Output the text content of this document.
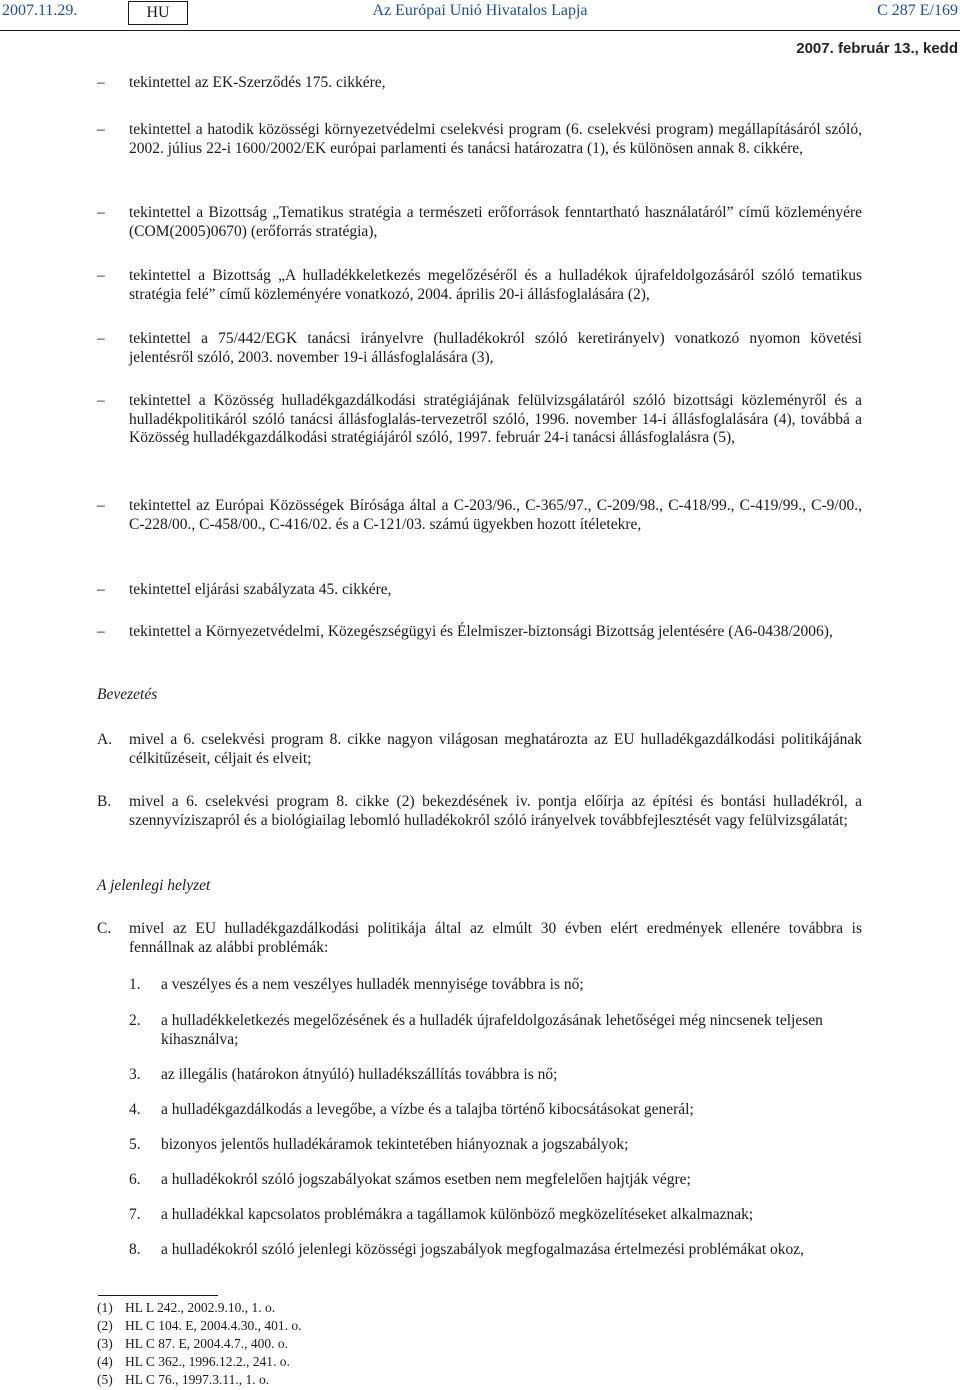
2007.11.29.	HU	Az Európai Unió Hivatalos Lapja	C 287 E/169
2007. február 13., kedd
– tekintettel az EK-Szerződés 175. cikkére,
– tekintettel a hatodik közösségi környezetvédelmi cselekvési program (6. cselekvési program) megállapításáról szóló, 2002. július 22-i 1600/2002/EK európai parlamenti és tanácsi határozatra (1), és különösen annak 8. cikkére,
– tekintettel a Bizottság „Tematikus stratégia a természeti erőforrások fenntartható használatáról” című közleményére (COM(2005)0670) (erőforrás stratégia),
– tekintettel a Bizottság „A hulladékkeletkezés megelőzéséről és a hulladékok újrafeldolgozásáról szóló tematikus stratégia felé” című közleményére vonatkozó, 2004. április 20-i állásfoglalására (2),
– tekintettel a 75/442/EGK tanácsi irányelvre (hulladékokról szóló keretirányelv) vonatkozó nyomon követési jelentésről szóló, 2003. november 19-i állásfoglalására (3),
– tekintettel a Közösség hulladékgazdálkodási stratégiájának felülvizsgálatáról szóló bizottsági közleményről és a hulladékpolitikáról szóló tanácsi állásfoglalás-tervezetről szóló, 1996. november 14-i állásfoglalására (4), továbbá a Közösség hulladékgazdálkodási stratégiájáról szóló, 1997. február 24-i tanácsi állásfoglalásra (5),
– tekintettel az Európai Közösségek Bírósága által a C-203/96., C-365/97., C-209/98., C-418/99., C-419/99., C-9/00., C-228/00., C-458/00., C-416/02. és a C-121/03. számú ügyekben hozott ítéletekre,
– tekintettel eljárási szabályzata 45. cikkére,
– tekintettel a Környezetvédelmi, Közegészségügyi és Élelmiszer-biztonsági Bizottság jelentésére (A6-0438/2006),
Bevezetés
A. mivel a 6. cselekvési program 8. cikke nagyon világosan meghatározta az EU hulladékgazdálkodási politikájának célkitűzéseit, céljait és elveit;
B. mivel a 6. cselekvési program 8. cikke (2) bekezdésének iv. pontja előírja az építési és bontási hulladékról, a szennyvíziszapról és a biológiailag lebomló hulladékokról szóló irányelvek továbbfejlesztését vagy felülvizsgálatát;
A jelenlegi helyzet
C. mivel az EU hulladékgazdálkodási politikája által az elmúlt 30 évben elért eredmények ellenére továbbra is fennállnak az alábbi problémák:
1. a veszélyes és a nem veszélyes hulladék mennyisége továbbra is nő;
2. a hulladékkeletkezés megelőzésének és a hulladék újrafeldolgozásának lehetőségei még nincsenek teljesen kihasználva;
3. az illegális (határokon átnyúló) hulladékszállítás továbbra is nő;
4. a hulladékgazdálkodás a levegőbe, a vízbe és a talajba történő kibocsátásokat generál;
5. bizonyos jelentős hulladékáramok tekintetében hiányoznak a jogszabályok;
6. a hulladékokról szóló jogszabályokat számos esetben nem megfelelően hajtják végre;
7. a hulladékkal kapcsolatos problémákra a tagállamok különböző megközelítéseket alkalmaznak;
8. a hulladékokról szóló jelenlegi közösségi jogszabályok megfogalmazása értelmezési problémákat okoz,
(1) HL L 242., 2002.9.10., 1. o.
(2) HL C 104. E, 2004.4.30., 401. o.
(3) HL C 87. E, 2004.4.7., 400. o.
(4) HL C 362., 1996.12.2., 241. o.
(5) HL C 76., 1997.3.11., 1. o.
